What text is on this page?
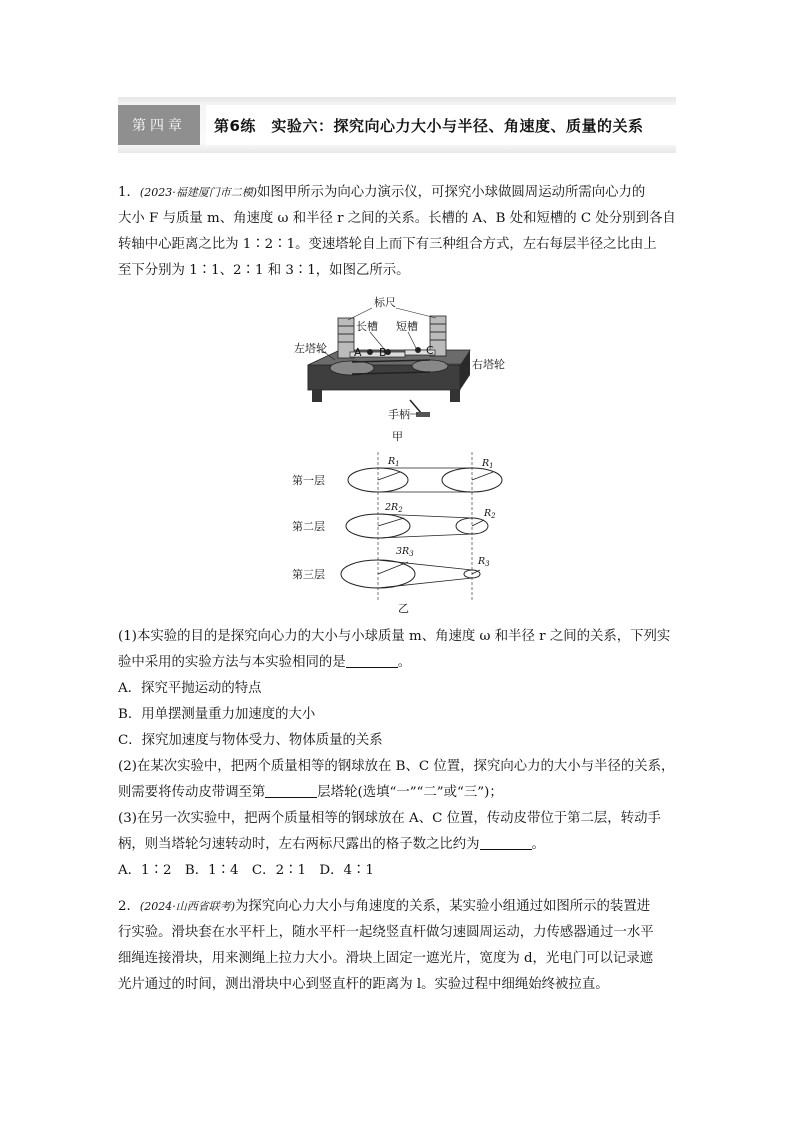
第四章	第6练　实验六：探究向心力大小与半径、角速度、质量的关系
1．(2023·福建厦门市二模)如图甲所示为向心力演示仪，可探究小球做圆周运动所需向心力的
大小 F 与质量 m、角速度 ω 和半径 r 之间的关系。长槽的 A、B 处和短槽的 C 处分别到各自
转轴中心距离之比为 1∶2∶1。变速塔轮自上而下有三种组合方式，左右每层半径之比由上
至下分别为 1∶1、2∶1 和 3∶1，如图乙所示。
标尺
长槽 短槽
左塔轮
右塔轮
A B	C
手柄
甲
第一层
第二层
第三层
$R_1$	$R_1$
$2R_2$	$R_2$
$3R_3$
$R_3$
乙
(1)本实验的目的是探究向心力的大小与小球质量 m、角速度 ω 和半径 r 之间的关系，下列实
验中采用的实验方法与本实验相同的是	。
A．探究平抛运动的特点
B．用单摆测量重力加速度的大小
C．探究加速度与物体受力、物体质量的关系
(2)在某次实验中，把两个质量相等的钢球放在 B、C 位置，探究向心力的大小与半径的关系，
则需要将传动皮带调至第	层塔轮(选填“一”“二”或“三”)；
(3)在另一次实验中，把两个质量相等的钢球放在 A、C 位置，传动皮带位于第二层，转动手
柄，则当塔轮匀速转动时，左右两标尺露出的格子数之比约为	。
A．1∶2　B．1∶4　C．2∶1　D．4∶1
2．(2024·山西省联考)为探究向心力大小与角速度的关系，某实验小组通过如图所示的装置进
行实验。滑块套在水平杆上，随水平杆一起绕竖直杆做匀速圆周运动，力传感器通过一水平
细绳连接滑块，用来测绳上拉力大小。滑块上固定一遮光片，宽度为 d，光电门可以记录遮
光片通过的时间，测出滑块中心到竖直杆的距离为 l。实验过程中细绳始终被拉直。
